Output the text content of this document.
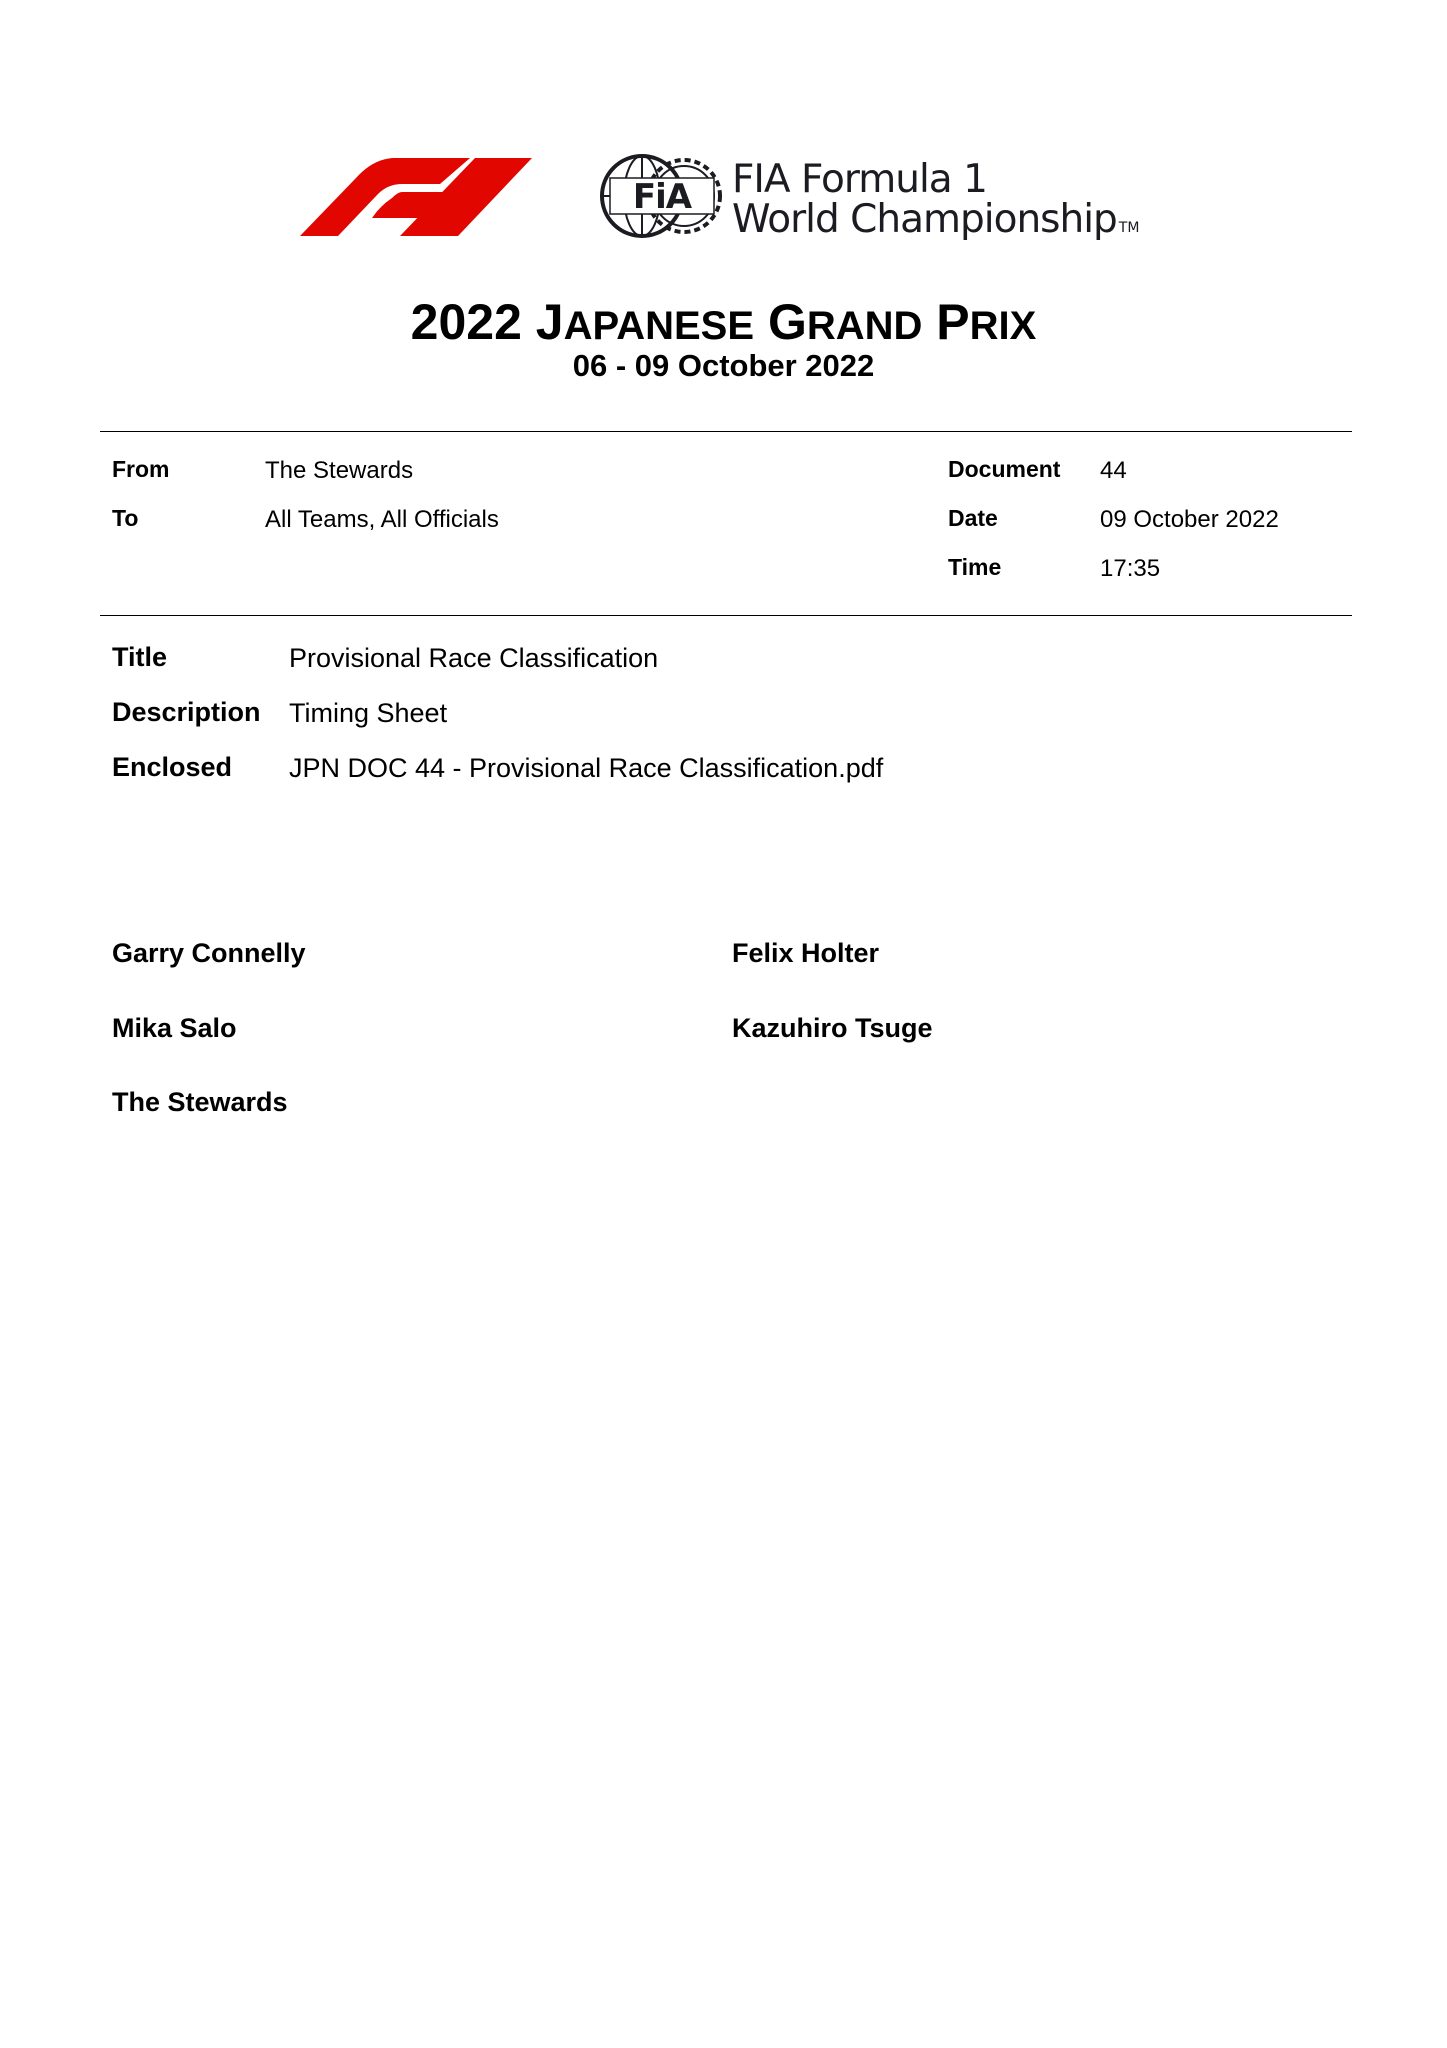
FiA FIA Formula 1
World Championship TM
2022 JAPANESE GRAND PRIX
06 - 09 October 2022
From	The Stewards
To	All Teams, All Officials
Document 44
Date	09 October 2022
Time	17:35
Title	Provisional Race Classification
Description Timing Sheet
Enclosed JPN DOC 44 - Provisional Race Classification.pdf
Garry Connelly	Felix Holter
Mika Salo	Kazuhiro Tsuge
The Stewards
